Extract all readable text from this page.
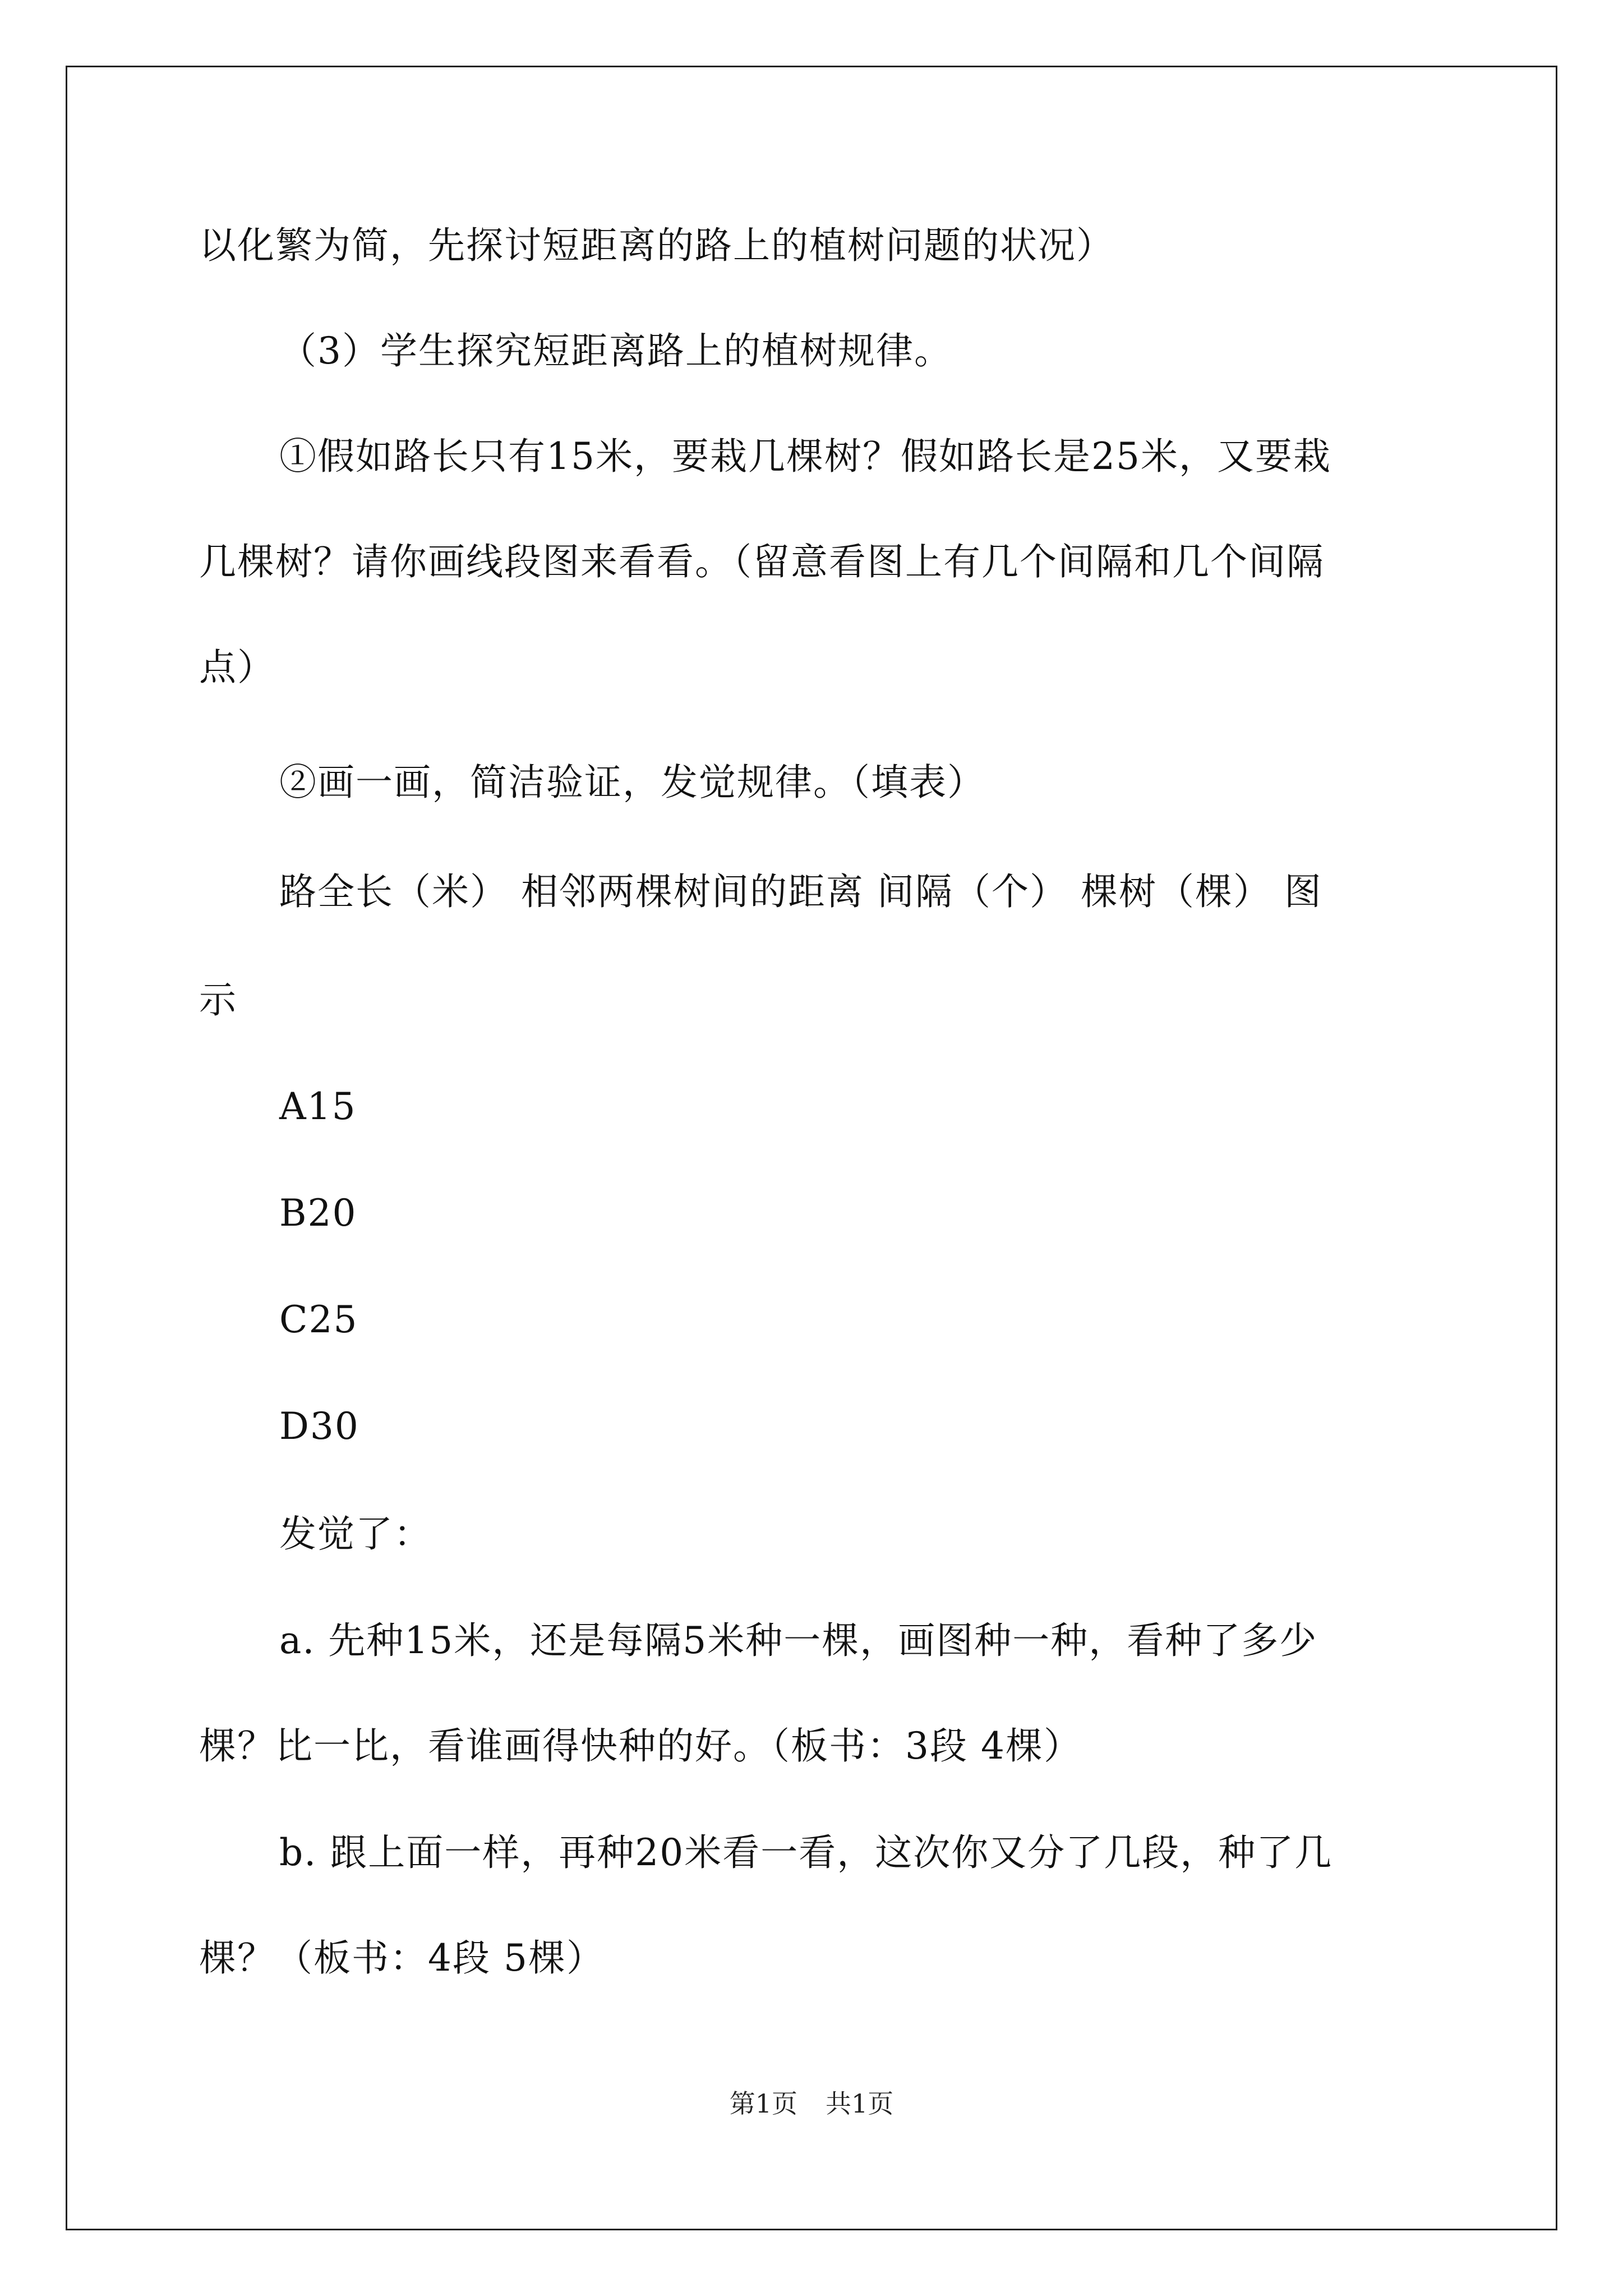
以化繁为简，先探讨短距离的路上的植树问题的状况）
（3）学生探究短距离路上的植树规律。
①假如路长只有15米，要栽几棵树？假如路长是25米，又要栽
几棵树？请你画线段图来看看。（留意看图上有几个间隔和几个间隔
点）
②画一画，简洁验证，发觉规律。（填表）
路全长（米） 相邻两棵树间的距离 间隔（个） 棵树（棵） 图
示
A15
B20
C25
D30
发觉了：
a. 先种15米，还是每隔5米种一棵，画图种一种，看种了多少
棵？比一比，看谁画得快种的好。（板书：3段 4棵）
b. 跟上面一样，再种20米看一看，这次你又分了几段，种了几
棵？（板书：4段 5棵）
第1页 共1页
